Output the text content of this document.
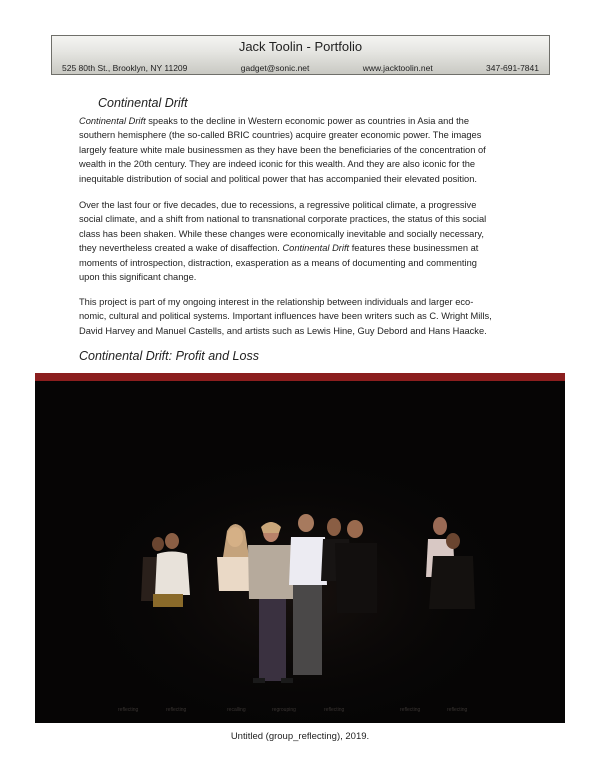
Jack Toolin - Portfolio
525 80th St., Brooklyn, NY 11209	gadget@sonic.net	www.jacktoolin.net	347-691-7841
Continental Drift

Continental Drift speaks to the decline in Western economic power as countries in Asia and the
southern hemisphere (the so-called BRIC countries) acquire greater economic power. The images
largely feature white male businessmen as they have been the beneficiaries of the concentration of
wealth in the 20th century. They are indeed iconic for this wealth. And they are also iconic for the
inequitable distribution of social and political power that has accompanied their elevated position.

Over the last four or five decades, due to recessions, a regressive political climate, a progressive
social climate, and a shift from national to transnational corporate practices, the status of this social
class has been shaken. While these changes were economically inevitable and socially necessary,
they nevertheless created a wake of disaffection. Continental Drift features these businessmen at
moments of introspection, distraction, exasperation as a means of documenting and commenting
upon this significant change.

This project is part of my ongoing interest in the relationship between individuals and larger eco-
nomic, cultural and political systems. Important influences have been writers such as C. Wright Mills,
David Harvey and Manuel Castells, and artists such as Lewis Hine, Guy Debord and Hans Haacke.

Continental Drift: Profit and Loss
reflecting	reflecting	recalling	regrouping	reflecting	reflecting	reflecting
Untitled (group_reflecting), 2019.
